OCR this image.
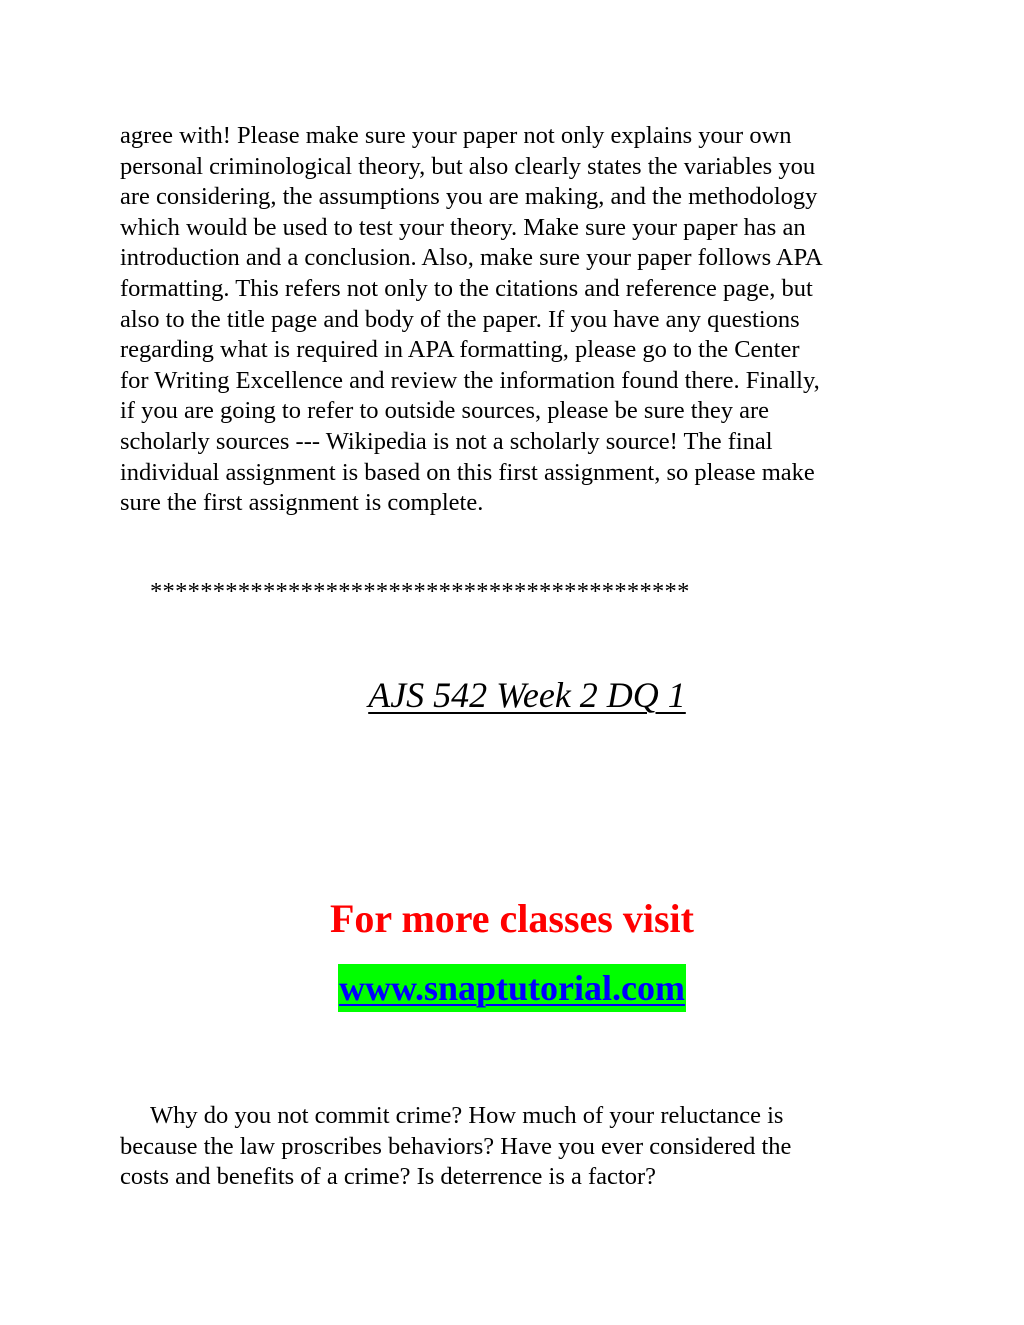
agree with! Please make sure your paper not only explains your own
personal criminological theory, but also clearly states the variables you
are considering, the assumptions you are making, and the methodology
which would be used to test your theory. Make sure your paper has an
introduction and a conclusion. Also, make sure your paper follows APA
formatting. This refers not only to the citations and reference page, but
also to the title page and body of the paper. If you have any questions
regarding what is required in APA formatting, please go to the Center
for Writing Excellence and review the information found there. Finally,
if you are going to refer to outside sources, please be sure they are
scholarly sources --- Wikipedia is not a scholarly source! The final
individual assignment is based on this first assignment, so please make
sure the first assignment is complete.

*******************************************

AJS 542 Week 2 DQ 1

For more classes visit

www.snaptutorial.com

Why do you not commit crime? How much of your reluctance is
because the law proscribes behaviors? Have you ever considered the
costs and benefits of a crime? Is deterrence is a factor?
